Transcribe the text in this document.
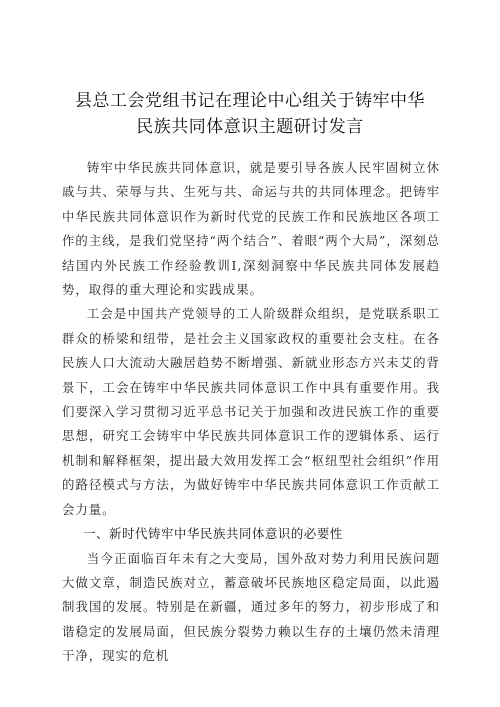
县总工会党组书记在理论中心组关于铸牢中华
民族共同体意识主题研讨发言

铸牢中华民族共同体意识，就是要引导各族人民牢固树立休戚与共、荣辱与共、生死与共、命运与共的共同体理念。把铸牢中华民族共同体意识作为新时代党的民族工作和民族地区各项工作的主线，是我们党坚持“两个结合”、着眼“两个大局”，深刻总结国内外民族工作经验教训I,深刻洞察中华民族共同体发展趋势，取得的重大理论和实践成果。

工会是中国共产党领导的工人阶级群众组织，是党联系职工群众的桥梁和纽带，是社会主义国家政权的重要社会支柱。在各民族人口大流动大融居趋势不断增强、新就业形态方兴未艾的背景下，工会在铸牢中华民族共同体意识工作中具有重要作用。我们要深入学习贯彻习近平总书记关于加强和改进民族工作的重要思想，研究工会铸牢中华民族共同体意识工作的逻辑体系、运行机制和解释框架，提出最大效用发挥工会“枢纽型社会组织”作用的路径模式与方法，为做好铸牢中华民族共同体意识工作贡献工会力量。

一、新时代铸牢中华民族共同体意识的必要性

当今正面临百年未有之大变局，国外敌对势力利用民族问题大做文章，制造民族对立，蓄意破坏民族地区稳定局面，以此遏制我国的发展。特别是在新疆，通过多年的努力，初步形成了和谐稳定的发展局面，但民族分裂势力赖以生存的土壤仍然未清理干净，现实的危机
